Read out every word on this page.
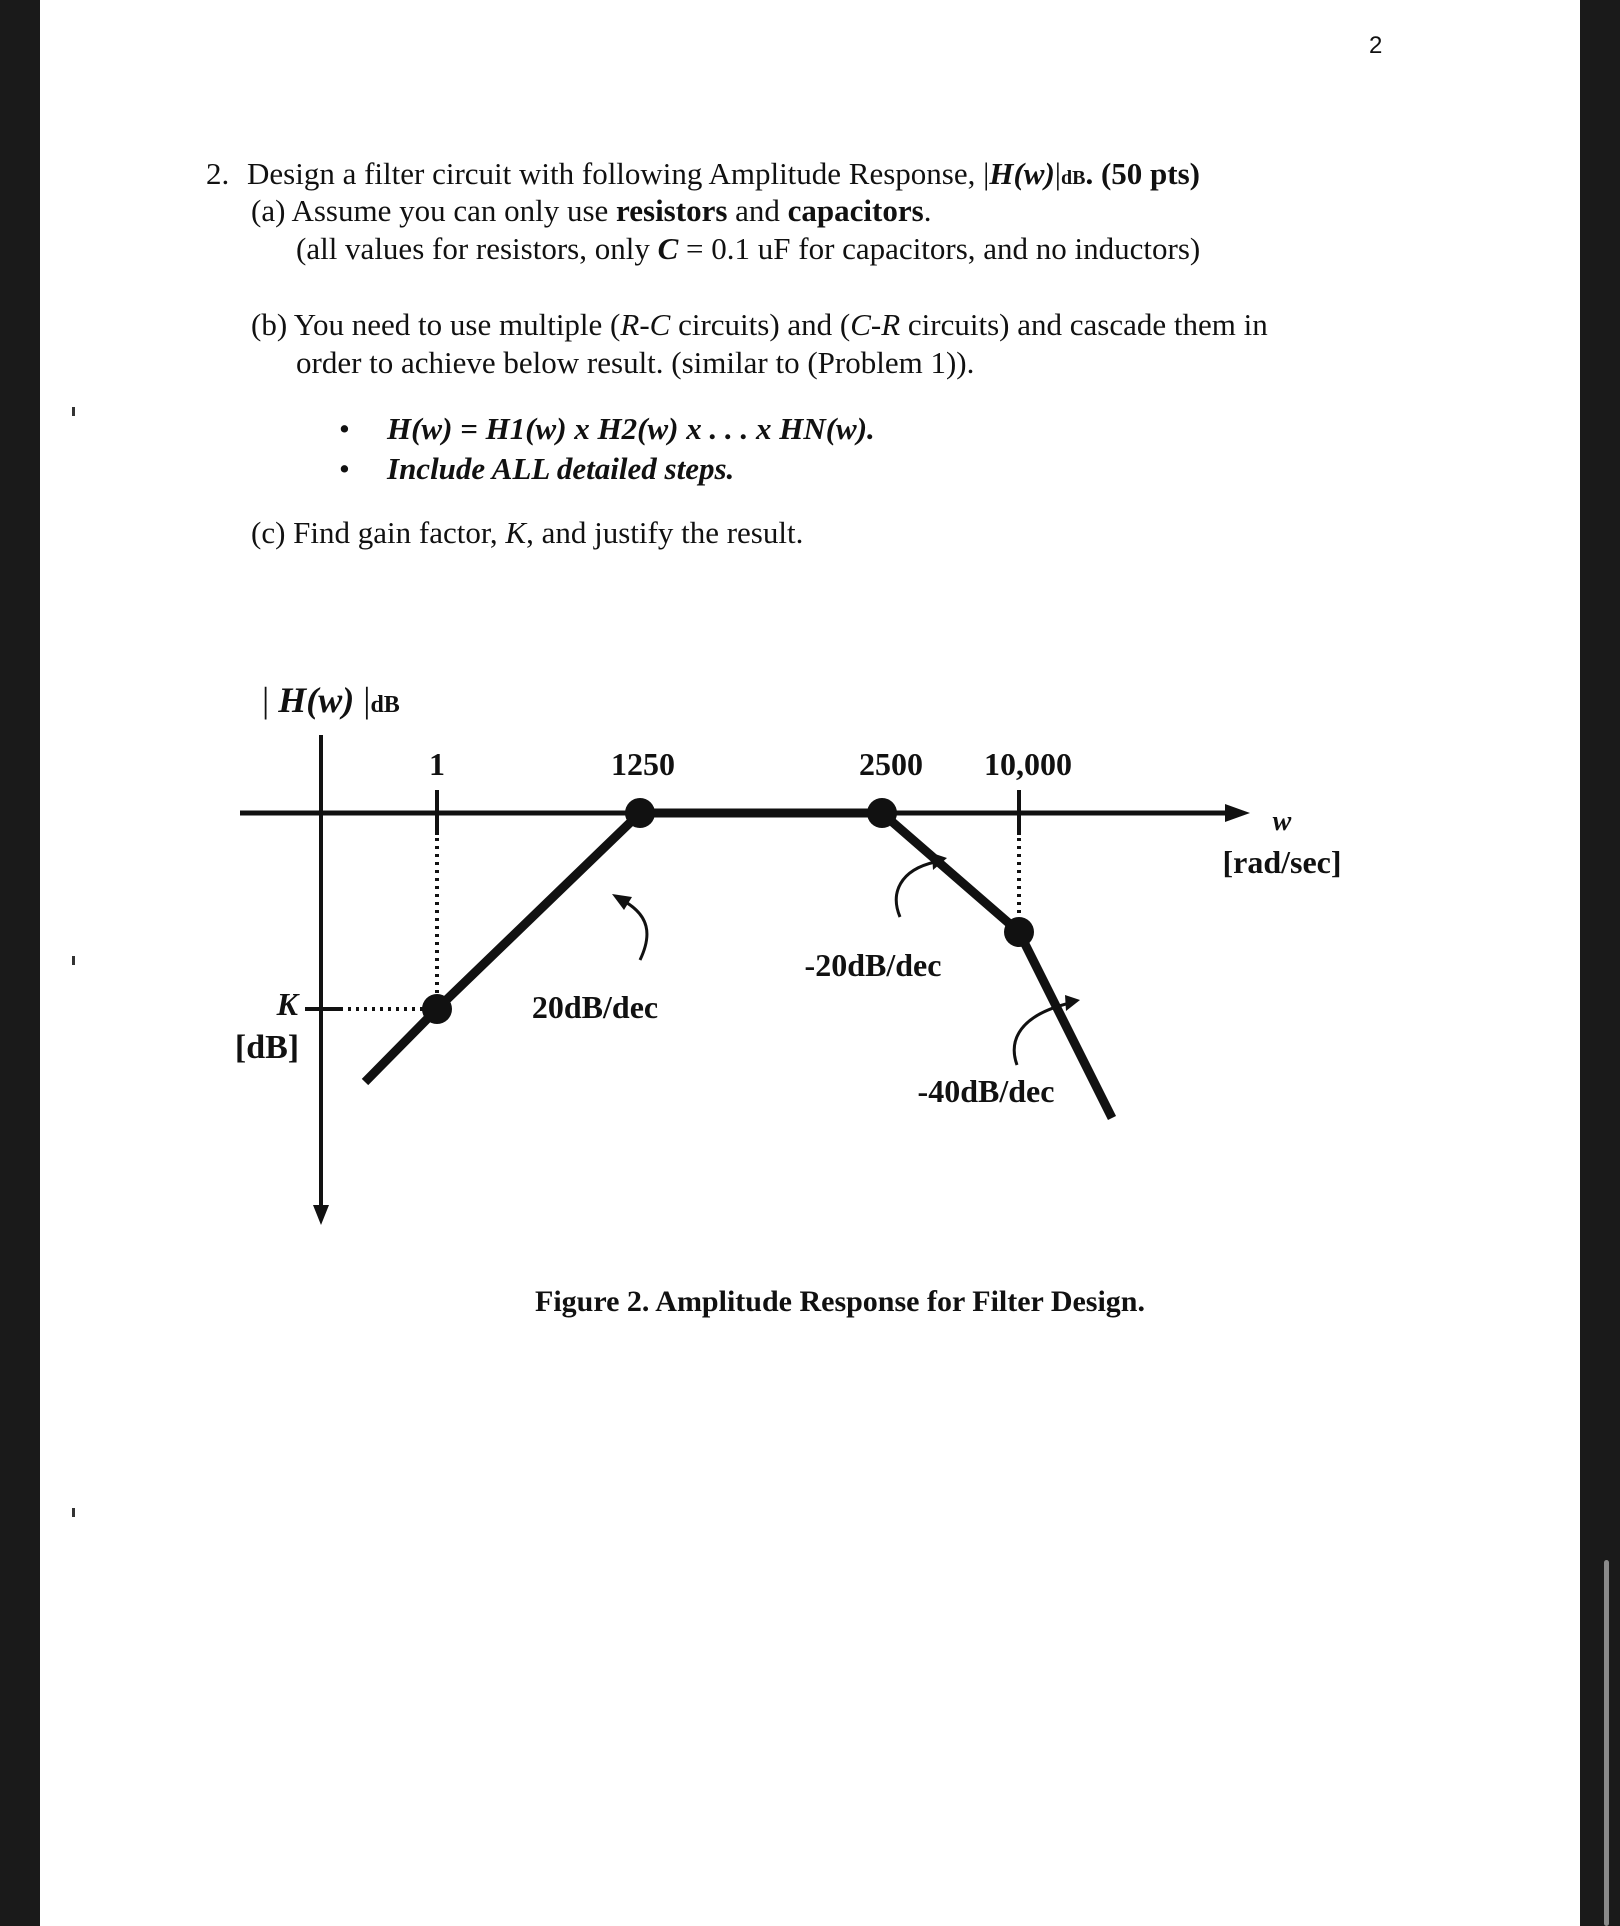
2
2. Design a filter circuit with following Amplitude Response, |H(w)|dB. (50 pts)
(a) Assume you can only use resistors and capacitors.
(all values for resistors, only C = 0.1 uF for capacitors, and no inductors)
(b) You need to use multiple (R-C circuits) and (C-R circuits) and cascade them in
order to achieve below result. (similar to (Problem 1)).
• H(w) = H1(w) x H2(w) x . . . x HN(w).
• Include ALL detailed steps.
(c) Find gain factor, K, and justify the result.
1	1250	2500 10,000
| H(w) |dB
w
[rad/sec]
K
[dB]
20dB/dec
-20dB/dec
-40dB/dec
Figure 2. Amplitude Response for Filter Design.
